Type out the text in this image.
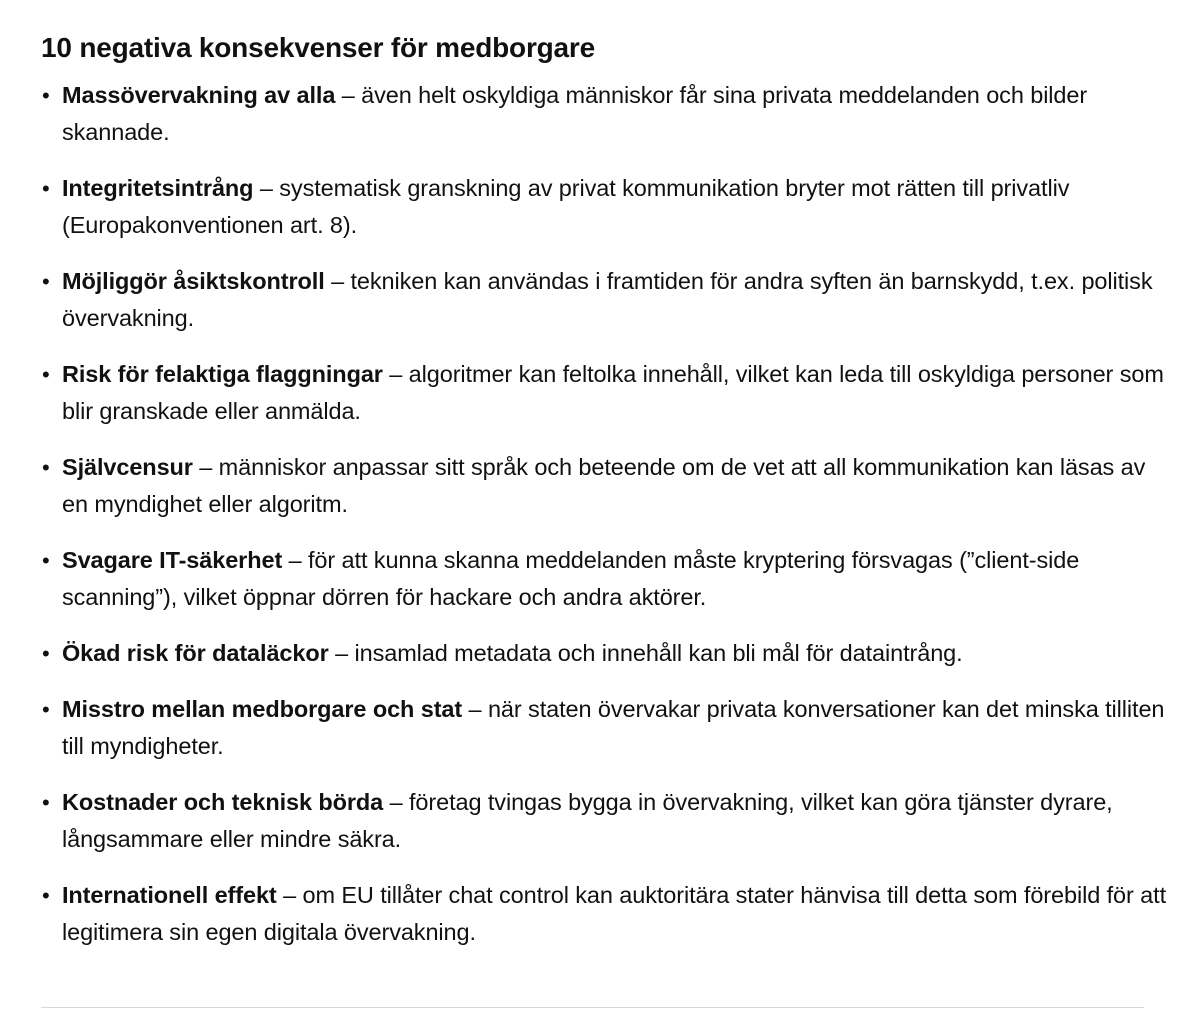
10 negativa konsekvenser för medborgare
• Massövervakning av alla – även helt oskyldiga människor får sina privata meddelanden och bilder skannade.
• Integritetsintrång – systematisk granskning av privat kommunikation bryter mot rätten till privatliv (Europakonventionen art. 8).
• Möjliggör åsiktskontroll – tekniken kan användas i framtiden för andra syften än barnskydd, t.ex. politisk övervakning.
• Risk för felaktiga flaggningar – algoritmer kan feltolka innehåll, vilket kan leda till oskyldiga personer som blir granskade eller anmälda.
• Självcensur – människor anpassar sitt språk och beteende om de vet att all kommunikation kan läsas av en myndighet eller algoritm.
• Svagare IT-säkerhet – för att kunna skanna meddelanden måste kryptering försvagas (”client-side scanning”), vilket öppnar dörren för hackare och andra aktörer.
• Ökad risk för dataläckor – insamlad metadata och innehåll kan bli mål för dataintrång.
• Misstro mellan medborgare och stat – när staten övervakar privata konversationer kan det minska tilliten till myndigheter.
• Kostnader och teknisk börda – företag tvingas bygga in övervakning, vilket kan göra tjänster dyrare, långsammare eller mindre säkra.
• Internationell effekt – om EU tillåter chat control kan auktoritära stater hänvisa till detta som förebild för att legitimera sin egen digitala övervakning.
